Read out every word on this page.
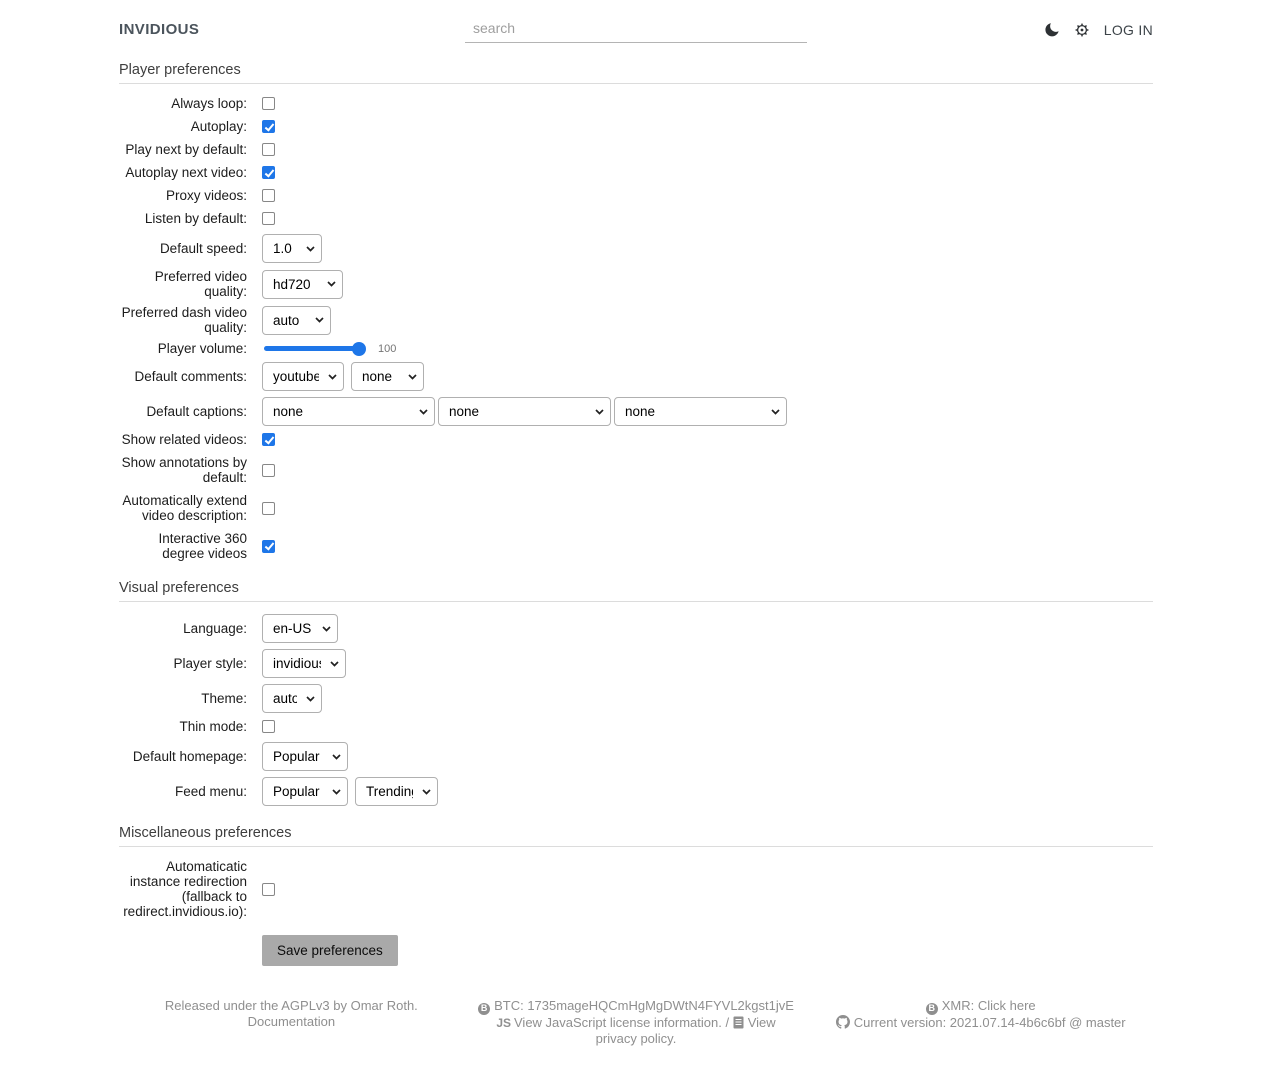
INVIDIOUS
search	LOG IN
Player preferences
Always loop:
Autoplay:
Play next by default:
Autoplay next video:
Proxy videos:
Listen by default:
Default speed:
1.0
Preferred video quality:
hd720
Preferred dash video quality:
auto
Player volume:	100
Default comments:
youtube
none
Default captions:
none
none
none
Show related videos:
Show annotations by default:
Automatically extend video description:
Interactive 360 degree videos
Visual preferences
Language:
en-US
Player style:
invidious
Theme:
auto
Thin mode:
Default homepage:
Popular
Feed menu:
Popular
Trending
Miscellaneous preferences
Automaticatic instance redirection (fallback to redirect.invidious.io):
Save preferences
Released under the AGPLv3 by Omar Roth.
Documentation
B BTC: 1735mageHQCmHgMgDWtN4FYVL2kgst1jvE
JS View JavaScript license information. / View privacy policy.
B XMR: Click here
Current version: 2021.07.14-4b6c6bf @ master
